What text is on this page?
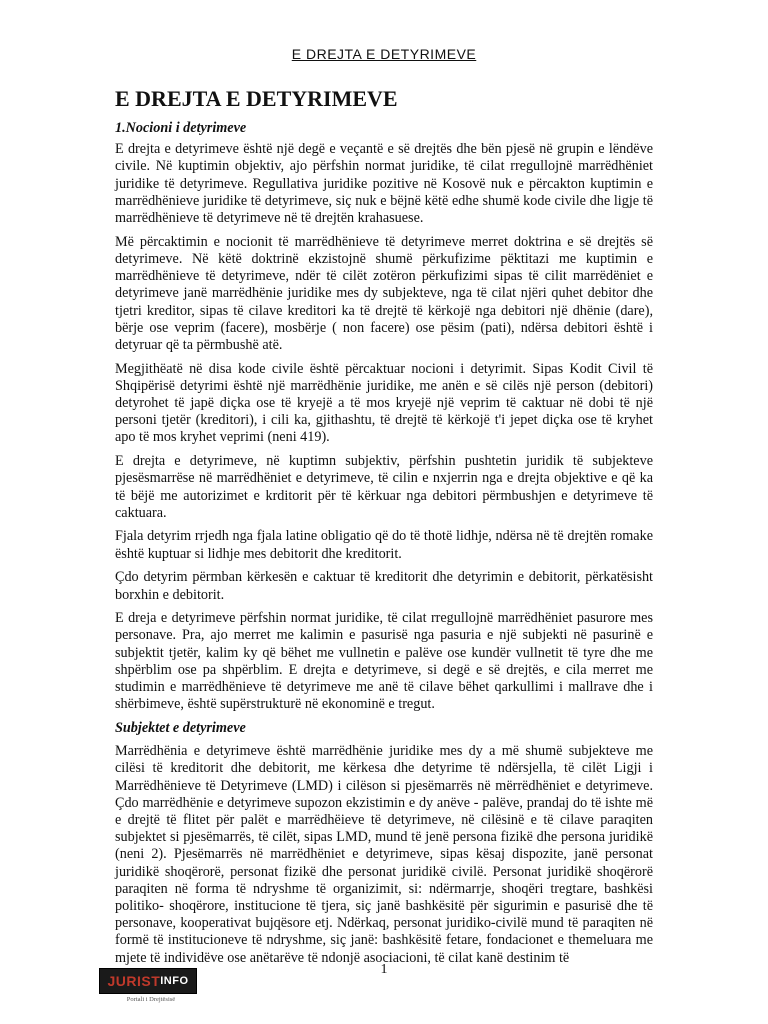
E DREJTA E DETYRIMEVE
E DREJTA E DETYRIMEVE
1.Nocioni i detyrimeve

E drejta e detyrimeve është një degë e veçantë e së drejtës dhe bën pjesë në grupin e lëndëve civile. Në kuptimin objektiv, ajo përfshin normat juridike, të cilat rregullojnë marrëdhëniet juridike të detyrimeve. Regullativa juridike pozitive në Kosovë nuk e përcakton kuptimin e marrëdhënieve juridike të detyrimeve, siç nuk e bëjnë këtë edhe shumë kode civile dhe ligje të marrëdhënieve të detyrimeve në të drejtën krahasuese.

Më përcaktimin e nocionit të marrëdhënieve të detyrimeve merret doktrina e së drejtës së detyrimeve. Në këtë doktrinë ekzistojnë shumë përkufizime pëktitazi me kuptimin e marrëdhënieve të detyrimeve, ndër të cilët zotëron përkufizimi sipas të cilit marrëdëniet e detyrimeve janë marrëdhënie juridike mes dy subjekteve, nga të cilat njëri quhet debitor dhe tjetri kreditor, sipas të cilave kreditori ka të drejtë të kërkojë nga debitori një dhënie (dare), bërje ose veprim (facere), mosbërje ( non facere) ose pësim (pati), ndërsa debitori është i detyruar që ta përmbushë atë.

Megjithëatë në disa kode civile është përcaktuar nocioni i detyrimit. Sipas Kodit Civil të Shqipërisë detyrimi është një marrëdhënie juridike, me anën e së cilës një person (debitori) detyrohet të japë diçka ose të kryejë a të mos kryejë një veprim të caktuar në dobi të një personi tjetër (kreditori), i cili ka, gjithashtu, të drejtë të kërkojë t'i jepet diçka ose të kryhet apo të mos kryhet veprimi (neni 419).

E drejta e detyrimeve, në kuptimn subjektiv, përfshin pushtetin juridik të subjekteve pjesësmarrëse në marrëdhëniet e detyrimeve, të cilin e nxjerrin nga e drejta objektive e që ka të bëjë me autorizimet e krditorit për të kërkuar nga debitori përmbushjen e detyrimeve të caktuara.

Fjala detyrim rrjedh nga fjala latine obligatio që do të thotë lidhje, ndërsa në të drejtën romake është kuptuar si lidhje mes debitorit dhe kreditorit.

Çdo detyrim përmban kërkesën e caktuar të kreditorit dhe detyrimin e debitorit, përkatësisht borxhin e debitorit.

E dreja e detyrimeve përfshin normat juridike, të cilat rregullojnë marrëdhëniet pasurore mes personave. Pra, ajo merret me kalimin e pasurisë nga pasuria e një subjekti në pasurinë e subjektit tjetër, kalim ky që bëhet me vullnetin e palëve ose kundër vullnetit të tyre dhe me shpërblim ose pa shpërblim. E drejta e detyrimeve, si degë e së drejtës, e cila merret me studimin e marrëdhënieve të detyrimeve me anë të cilave bëhet qarkullimi i mallrave dhe i shërbimeve, është supërstrukturë në ekonominë e tregut.

Subjektet e detyrimeve

Marrëdhënia e detyrimeve është marrëdhënie juridike mes dy a më shumë subjekteve me cilësi të kreditorit dhe debitorit, me kërkesa dhe detyrime të ndërsjella, të cilët Ligji i Marrëdhënieve të Detyrimeve (LMD) i cilëson si pjesëmarrës në mërrëdhëniet e detyrimeve. Çdo marrëdhënie e detyrimeve supozon ekzistimin e dy anëve - palëve, prandaj do të ishte më e drejtë të flitet për palët e marrëdhëieve të detyrimeve, në cilësinë e të cilave paraqiten subjektet si pjesëmarrës, të cilët, sipas LMD, mund të jenë persona fizikë dhe persona juridikë (neni 2). Pjesëmarrës në marrëdhëniet e detyrimeve, sipas kësaj dispozite, janë personat juridikë shoqërorë, personat fizikë dhe personat juridikë civilë. Personat juridikë shoqërorë paraqiten në forma të ndryshme të organizimit, si: ndërmarrje, shoqëri tregtare, bashkësi politiko- shoqërore, institucione të tjera, siç janë bashkësitë për sigurimin e pasurisë dhe të personave, kooperativat bujqësore etj. Ndërkaq, personat juridiko-civilë mund të paraqiten në formë të institucioneve të ndryshme, siç janë: bashkësitë fetare, fondacionet e themeluara me mjete të individëve ose anëtarëve të ndonjë asociacioni, të cilat kanë destinim të

1
JURIST INFO
Portali i Drejtësisë
